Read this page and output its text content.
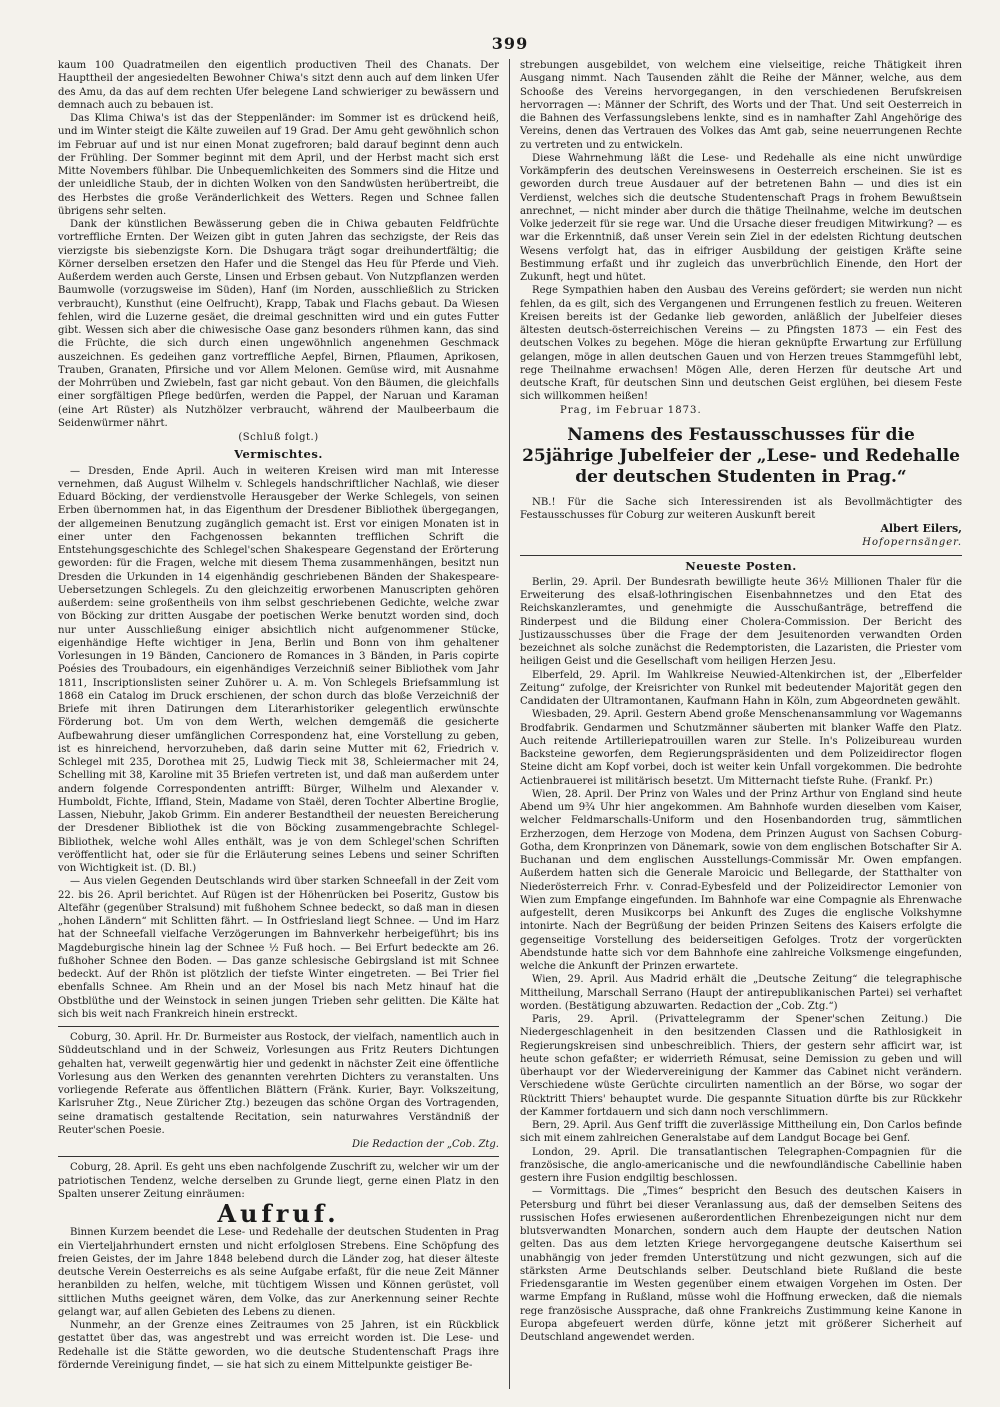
399

kaum 100 Quadratmeilen den eigentlich productiven Theil des Chanats. Der Haupttheil der angesiedelten Bewohner Chiwa's sitzt denn auch auf dem linken Ufer des Amu, da das auf dem rechten Ufer belegene Land schwieriger zu bewässern und demnach auch zu bebauen ist.

Das Klima Chiwa's ist das der Steppenländer: im Sommer ist es drückend heiß, und im Winter steigt die Kälte zuweilen auf 19 Grad. Der Amu geht gewöhnlich schon im Februar auf und ist nur einen Monat zugefroren; bald darauf beginnt denn auch der Frühling. Der Sommer beginnt mit dem April, und der Herbst macht sich erst Mitte Novembers fühlbar. Die Unbequemlichkeiten des Sommers sind die Hitze und der unleidliche Staub, der in dichten Wolken von den Sandwüsten herübertreibt, die des Herbstes die große Veränderlichkeit des Wetters. Regen und Schnee fallen übrigens sehr selten.

Dank der künstlichen Bewässerung geben die in Chiwa gebauten Feldfrüchte vortreffliche Ernten. Der Weizen gibt in guten Jahren das sechzigste, der Reis das vierzigste bis siebenzigste Korn. Die Dshugara trägt sogar dreihundertfältig; die Körner derselben ersetzen den Hafer und die Stengel das Heu für Pferde und Vieh. Außerdem werden auch Gerste, Linsen und Erbsen gebaut. Von Nutzpflanzen werden Baumwolle (vorzugsweise im Süden), Hanf (im Norden, ausschließlich zu Stricken verbraucht), Kunsthut (eine Oelfrucht), Krapp, Tabak und Flachs gebaut. Da Wiesen fehlen, wird die Luzerne gesäet, die dreimal geschnitten wird und ein gutes Futter gibt. Wessen sich aber die chiwesische Oase ganz besonders rühmen kann, das sind die Früchte, die sich durch einen ungewöhnlich angenehmen Geschmack auszeichnen. Es gedeihen ganz vortreffliche Aepfel, Birnen, Pflaumen, Aprikosen, Trauben, Granaten, Pfirsiche und vor Allem Melonen. Gemüse wird, mit Ausnahme der Mohrrüben und Zwiebeln, fast gar nicht gebaut. Von den Bäumen, die gleichfalls einer sorgfältigen Pflege bedürfen, werden die Pappel, der Naruan und Karaman (eine Art Rüster) als Nutzhölzer verbraucht, während der Maulbeerbaum die Seidenwürmer nährt.

(Schluß folgt.)
Vermischtes.

— Dresden, Ende April. Auch in weiteren Kreisen wird man mit Interesse vernehmen, daß August Wilhelm v. Schlegels handschriftlicher Nachlaß, wie dieser Eduard Böcking, der verdienstvolle Herausgeber der Werke Schlegels, von seinen Erben übernommen hat, in das Eigenthum der Dresdener Bibliothek übergegangen, der allgemeinen Benutzung zugänglich gemacht ist. Erst vor einigen Monaten ist in einer unter den Fachgenossen bekannten trefflichen Schrift die Entstehungsgeschichte des Schlegel'schen Shakespeare Gegenstand der Erörterung geworden: für die Fragen, welche mit diesem Thema zusammenhängen, besitzt nun Dresden die Urkunden in 14 eigenhändig geschriebenen Bänden der Shakespeare-Uebersetzungen Schlegels. Zu den gleichzeitig erworbenen Manuscripten gehören außerdem: seine großentheils von ihm selbst geschriebenen Gedichte, welche zwar von Böcking zur dritten Ausgabe der poetischen Werke benutzt worden sind, doch nur unter Ausschließung einiger absichtlich nicht aufgenommener Stücke, eigenhändige Hefte wichtiger in Jena, Berlin und Bonn von ihm gehaltener Vorlesungen in 19 Bänden, Cancionero de Romances in 3 Bänden, in Paris copirte Poésies des Troubadours, ein eigenhändiges Verzeichniß seiner Bibliothek vom Jahr 1811, Inscriptionslisten seiner Zuhörer u. A. m. Von Schlegels Briefsammlung ist 1868 ein Catalog im Druck erschienen, der schon durch das bloße Verzeichniß der Briefe mit ihren Datirungen dem Literarhistoriker gelegentlich erwünschte Förderung bot. Um von dem Werth, welchen demgemäß die gesicherte Aufbewahrung dieser umfänglichen Correspondenz hat, eine Vorstellung zu geben, ist es hinreichend, hervorzuheben, daß darin seine Mutter mit 62, Friedrich v. Schlegel mit 235, Dorothea mit 25, Ludwig Tieck mit 38, Schleiermacher mit 24, Schelling mit 38, Karoline mit 35 Briefen vertreten ist, und daß man außerdem unter andern folgende Correspondenten antrifft: Bürger, Wilhelm und Alexander v. Humboldt, Fichte, Iffland, Stein, Madame von Staël, deren Tochter Albertine Broglie, Lassen, Niebuhr, Jakob Grimm. Ein anderer Bestandtheil der neuesten Bereicherung der Dresdener Bibliothek ist die von Böcking zusammengebrachte Schlegel-Bibliothek, welche wohl Alles enthält, was je von dem Schlegel'schen Schriften veröffentlicht hat, oder sie für die Erläuterung seines Lebens und seiner Schriften von Wichtigkeit ist. (D. Bl.)

— Aus vielen Gegenden Deutschlands wird über starken Schneefall in der Zeit vom 22. bis 26. April berichtet. Auf Rügen ist der Höhenrücken bei Poseritz, Gustow bis Altefähr (gegenüber Stralsund) mit fußhohem Schnee bedeckt, so daß man in diesen „hohen Ländern“ mit Schlitten fährt. — In Ostfriesland liegt Schnee. — Und im Harz hat der Schneefall vielfache Verzögerungen im Bahnverkehr herbeigeführt; bis ins Magdeburgische hinein lag der Schnee ½ Fuß hoch. — Bei Erfurt bedeckte am 26. fußhoher Schnee den Boden. — Das ganze schlesische Gebirgsland ist mit Schnee bedeckt. Auf der Rhön ist plötzlich der tiefste Winter eingetreten. — Bei Trier fiel ebenfalls Schnee. Am Rhein und an der Mosel bis nach Metz hinauf hat die Obstblüthe und der Weinstock in seinen jungen Trieben sehr gelitten. Die Kälte hat sich bis weit nach Frankreich hinein erstreckt.

Coburg, 30. April. Hr. Dr. Burmeister aus Rostock, der vielfach, namentlich auch in Süddeutschland und in der Schweiz, Vorlesungen aus Fritz Reuters Dichtungen gehalten hat, verweilt gegenwärtig hier und gedenkt in nächster Zeit eine öffentliche Vorlesung aus den Werken des genannten verehrten Dichters zu veranstalten. Uns vorliegende Referate aus öffentlichen Blättern (Fränk. Kurier, Bayr. Volkszeitung, Karlsruher Ztg., Neue Züricher Ztg.) bezeugen das schöne Organ des Vortragenden, seine dramatisch gestaltende Recitation, sein naturwahres Verständniß der Reuter'schen Poesie.

Die Redaction der „Cob. Ztg.

Coburg, 28. April. Es geht uns eben nachfolgende Zuschrift zu, welcher wir um der patriotischen Tendenz, welche derselben zu Grunde liegt, gerne einen Platz in den Spalten unserer Zeitung einräumen:

Aufruf.

Binnen Kurzem beendet die Lese- und Redehalle der deutschen Studenten in Prag ein Vierteljahrhundert ernsten und nicht erfolglosen Strebens. Eine Schöpfung des freien Geistes, der im Jahre 1848 belebend durch die Länder zog, hat dieser älteste deutsche Verein Oesterreichs es als seine Aufgabe erfaßt, für die neue Zeit Männer heranbilden zu helfen, welche, mit tüchtigem Wissen und Können gerüstet, voll sittlichen Muths geeignet wären, dem Volke, das zur Anerkennung seiner Rechte gelangt war, auf allen Gebieten des Lebens zu dienen.

Nunmehr, an der Grenze eines Zeitraumes von 25 Jahren, ist ein Rückblick gestattet über das, was angestrebt und was erreicht worden ist. Die Lese- und Redehalle ist die Stätte geworden, wo die deutsche Studentenschaft Prags ihre fördernde Vereinigung findet, — sie hat sich zu einem Mittelpunkte geistiger Be-

strebungen ausgebildet, von welchem eine vielseitige, reiche Thätigkeit ihren Ausgang nimmt. Nach Tausenden zählt die Reihe der Männer, welche, aus dem Schooße des Vereins hervorgegangen, in den verschiedenen Berufskreisen hervorragen —: Männer der Schrift, des Worts und der That. Und seit Oesterreich in die Bahnen des Verfassungslebens lenkte, sind es in namhafter Zahl Angehörige des Vereins, denen das Vertrauen des Volkes das Amt gab, seine neuerrungenen Rechte zu vertreten und zu entwickeln.

Diese Wahrnehmung läßt die Lese- und Redehalle als eine nicht unwürdige Vorkämpferin des deutschen Vereinswesens in Oesterreich erscheinen. Sie ist es geworden durch treue Ausdauer auf der betretenen Bahn — und dies ist ein Verdienst, welches sich die deutsche Studentenschaft Prags in frohem Bewußtsein anrechnet, — nicht minder aber durch die thätige Theilnahme, welche im deutschen Volke jederzeit für sie rege war. Und die Ursache dieser freudigen Mitwirkung? — es war die Erkenntniß, daß unser Verein sein Ziel in der edelsten Richtung deutschen Wesens verfolgt hat, das in eifriger Ausbildung der geistigen Kräfte seine Bestimmung erfaßt und ihr zugleich das unverbrüchlich Einende, den Hort der Zukunft, hegt und hütet.

Rege Sympathien haben den Ausbau des Vereins gefördert; sie werden nun nicht fehlen, da es gilt, sich des Vergangenen und Errungenen festlich zu freuen. Weiteren Kreisen bereits ist der Gedanke lieb geworden, anläßlich der Jubelfeier dieses ältesten deutsch-österreichischen Vereins — zu Pfingsten 1873 — ein Fest des deutschen Volkes zu begehen. Möge die hieran geknüpfte Erwartung zur Erfüllung gelangen, möge in allen deutschen Gauen und von Herzen treues Stammgefühl lebt, rege Theilnahme erwachsen! Mögen Alle, deren Herzen für deutsche Art und deutsche Kraft, für deutschen Sinn und deutschen Geist erglühen, bei diesem Feste sich willkommen heißen!

Prag, im Februar 1873.

Namens des Festausschusses für die 25jährige Jubelfeier der „Lese- und Redehalle der deutschen Studenten in Prag.“

NB.! Für die Sache sich Interessirenden ist als Bevollmächtigter des Festausschusses für Coburg zur weiteren Auskunft bereit

Albert Eilers,
Hofopernsänger.
Neueste Posten.

Berlin, 29. April. Der Bundesrath bewilligte heute 36½ Millionen Thaler für die Erweiterung des elsaß-lothringischen Eisenbahnnetzes und den Etat des Reichskanzleramtes, und genehmigte die Ausschußanträge, betreffend die Rinderpest und die Bildung einer Cholera-Commission. Der Bericht des Justizausschusses über die Frage der dem Jesuitenorden verwandten Orden bezeichnet als solche zunächst die Redemptoristen, die Lazaristen, die Priester vom heiligen Geist und die Gesellschaft vom heiligen Herzen Jesu.

Elberfeld, 29. April. Im Wahlkreise Neuwied-Altenkirchen ist, der „Elberfelder Zeitung“ zufolge, der Kreisrichter von Runkel mit bedeutender Majorität gegen den Candidaten der Ultramontanen, Kaufmann Hahn in Köln, zum Abgeordneten gewählt.

Wiesbaden, 29. April. Gestern Abend große Menschenansammlung vor Wagemanns Brodfabrik. Gendarmen und Schutzmänner säuberten mit blanker Waffe den Platz. Auch reitende Artilleriepatrouillen waren zur Stelle. In's Polizeibureau wurden Backsteine geworfen, dem Regierungspräsidenten und dem Polizeidirector flogen Steine dicht am Kopf vorbei, doch ist weiter kein Unfall vorgekommen. Die bedrohte Actienbrauerei ist militärisch besetzt. Um Mitternacht tiefste Ruhe. (Frankf. Pr.)

Wien, 28. April. Der Prinz von Wales und der Prinz Arthur von England sind heute Abend um 9¾ Uhr hier angekommen. Am Bahnhofe wurden dieselben vom Kaiser, welcher Feldmarschalls-Uniform und den Hosenbandorden trug, sämmtlichen Erzherzogen, dem Herzoge von Modena, dem Prinzen August von Sachsen Coburg-Gotha, dem Kronprinzen von Dänemark, sowie von dem englischen Botschafter Sir A. Buchanan und dem englischen Ausstellungs-Commissär Mr. Owen empfangen. Außerdem hatten sich die Generale Maroicic und Bellegarde, der Statthalter von Niederösterreich Frhr. v. Conrad-Eybesfeld und der Polizeidirector Lemonier von Wien zum Empfange eingefunden. Im Bahnhofe war eine Compagnie als Ehrenwache aufgestellt, deren Musikcorps bei Ankunft des Zuges die englische Volkshymne intonirte. Nach der Begrüßung der beiden Prinzen Seitens des Kaisers erfolgte die gegenseitige Vorstellung des beiderseitigen Gefolges. Trotz der vorgerückten Abendstunde hatte sich vor dem Bahnhofe eine zahlreiche Volksmenge eingefunden, welche die Ankunft der Prinzen erwartete.

Wien, 29. April. Aus Madrid erhält die „Deutsche Zeitung“ die telegraphische Mittheilung, Marschall Serrano (Haupt der antirepublikanischen Partei) sei verhaftet worden. (Bestätigung abzuwarten. Redaction der „Cob. Ztg.“)

Paris, 29. April. (Privattelegramm der Spener'schen Zeitung.) Die Niedergeschlagenheit in den besitzenden Classen und die Rathlosigkeit in Regierungskreisen sind unbeschreiblich. Thiers, der gestern sehr afficirt war, ist heute schon gefaßter; er widerrieth Rémusat, seine Demission zu geben und will überhaupt vor der Wiedervereinigung der Kammer das Cabinet nicht verändern. Verschiedene wüste Gerüchte circulirten namentlich an der Börse, wo sogar der Rücktritt Thiers' behauptet wurde. Die gespannte Situation dürfte bis zur Rückkehr der Kammer fortdauern und sich dann noch verschlimmern.

Bern, 29. April. Aus Genf trifft die zuverlässige Mittheilung ein, Don Carlos befinde sich mit einem zahlreichen Generalstabe auf dem Landgut Bocage bei Genf.

London, 29. April. Die transatlantischen Telegraphen-Compagnien für die französische, die anglo-americanische und die newfoundländische Cabellinie haben gestern ihre Fusion endgiltig beschlossen.

— Vormittags. Die „Times“ bespricht den Besuch des deutschen Kaisers in Petersburg und führt bei dieser Veranlassung aus, daß der demselben Seitens des russischen Hofes erwiesenen außerordentlichen Ehrenbezeigungen nicht nur dem blutsverwandten Monarchen, sondern auch dem Haupte der deutschen Nation gelten. Das aus dem letzten Kriege hervorgegangene deutsche Kaiserthum sei unabhängig von jeder fremden Unterstützung und nicht gezwungen, sich auf die stärksten Arme Deutschlands selber. Deutschland biete Rußland die beste Friedensgarantie im Westen gegenüber einem etwaigen Vorgehen im Osten. Der warme Empfang in Rußland, müsse wohl die Hoffnung erwecken, daß die niemals rege französische Aussprache, daß ohne Frankreichs Zustimmung keine Kanone in Europa abgefeuert werden dürfe, könne jetzt mit größerer Sicherheit auf Deutschland angewendet werden.
